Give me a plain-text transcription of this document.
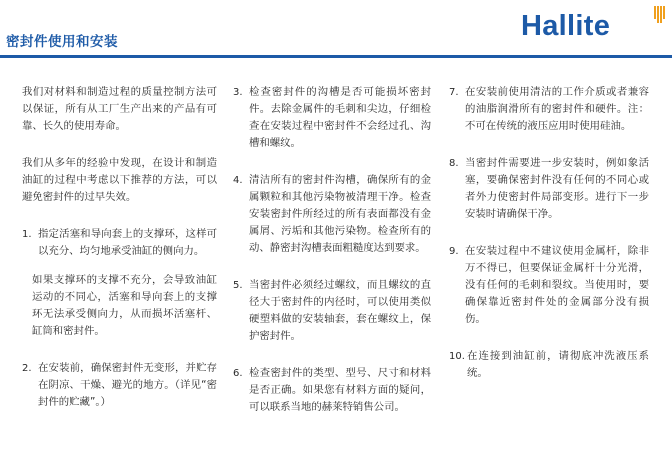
密封件使用和安装	Hallite

我们对材料和制造过程的质量控制方法可以保证，所有从工厂生产出来的产品有可靠、长久的使用寿命。

我们从多年的经验中发现，在设计和制造油缸的过程中考虑以下推荐的方法，可以避免密封件的过早失效。

1. 指定活塞和导向套上的支撑环，这样可以充分、均匀地承受油缸的侧向力。

如果支撑环的支撑不充分，会导致油缸运动的不同心，活塞和导向套上的支撑环无法承受侧向力，从而损坏活塞杆、缸筒和密封件。

2. 在安装前，确保密封件无变形，并贮存在阴凉、干燥、避光的地方。（详见“密封件的贮藏”。）
3. 检查密封件的沟槽是否可能损坏密封件。去除金属件的毛刺和尖边，仔细检查在安装过程中密封件不会经过孔、沟槽和螺纹。
4. 清洁所有的密封件沟槽，确保所有的金属颗粒和其他污染物被清理干净。检查安装密封件所经过的所有表面都没有金属屑、污垢和其他污染物。检查所有的动、静密封沟槽表面粗糙度达到要求。
5. 当密封件必须经过螺纹，而且螺纹的直径大于密封件的内径时，可以使用类似硬塑料做的安装轴套，套在螺纹上，保护密封件。
6. 检查密封件的类型、型号、尺寸和材料是否正确。如果您有材料方面的疑问，可以联系当地的赫莱特销售公司。
7. 在安装前使用清洁的工作介质或者兼容的油脂润滑所有的密封件和硬件。注：不可在传统的液压应用时使用硅油。
8. 当密封件需要进一步安装时，例如象活塞，要确保密封件没有任何的不同心或者外力使密封件局部变形。进行下一步安装时请确保干净。
9. 在安装过程中不建议使用金属杆，除非万不得已，但要保证金属杆十分光滑，没有任何的毛刺和裂纹。当使用时，要确保靠近密封件处的金属部分没有损伤。
10. 在连接到油缸前，请彻底冲洗液压系统。
